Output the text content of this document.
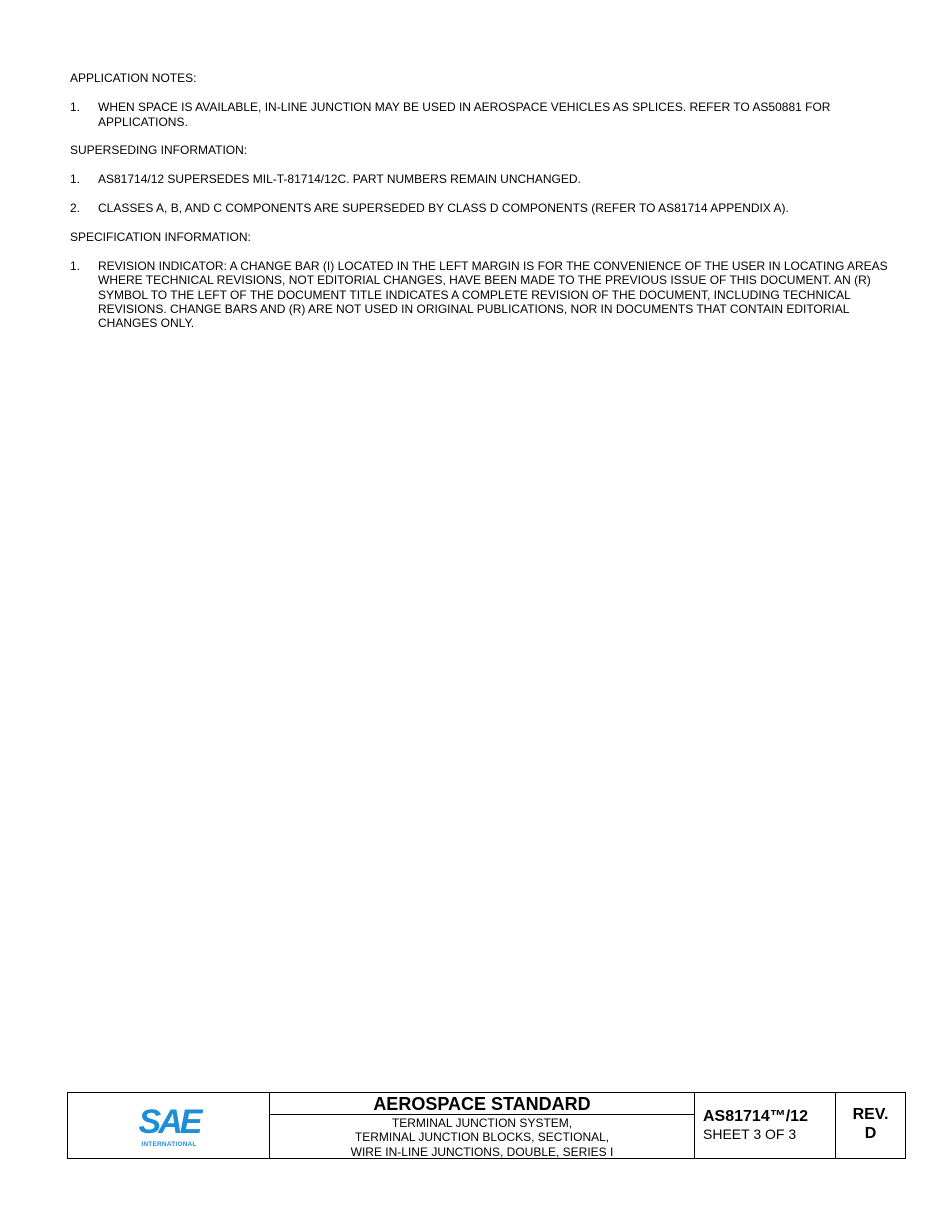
APPLICATION NOTES:

1.	WHEN SPACE IS AVAILABLE, IN-LINE JUNCTION MAY BE USED IN AEROSPACE VEHICLES AS SPLICES. REFER TO AS50881 FOR APPLICATIONS.

SUPERSEDING INFORMATION:

1.	AS81714/12 SUPERSEDES MIL-T-81714/12C. PART NUMBERS REMAIN UNCHANGED.
2.	CLASSES A, B, AND C COMPONENTS ARE SUPERSEDED BY CLASS D COMPONENTS (REFER TO AS81714 APPENDIX A).

SPECIFICATION INFORMATION:

1.	REVISION INDICATOR: A CHANGE BAR (I) LOCATED IN THE LEFT MARGIN IS FOR THE CONVENIENCE OF THE USER IN LOCATING AREAS WHERE TECHNICAL REVISIONS, NOT EDITORIAL CHANGES, HAVE BEEN MADE TO THE PREVIOUS ISSUE OF THIS DOCUMENT. AN (R) SYMBOL TO THE LEFT OF THE DOCUMENT TITLE INDICATES A COMPLETE REVISION OF THE DOCUMENT, INCLUDING TECHNICAL REVISIONS. CHANGE BARS AND (R) ARE NOT USED IN ORIGINAL PUBLICATIONS, NOR IN DOCUMENTS THAT CONTAIN EDITORIAL CHANGES ONLY.
SAE
INTERNATIONAL
AEROSPACE STANDARD
TERMINAL JUNCTION SYSTEM,
TERMINAL JUNCTION BLOCKS, SECTIONAL,
WIRE IN-LINE JUNCTIONS, DOUBLE, SERIES I
AS81714™/12
SHEET 3 OF 3
REV.
D
